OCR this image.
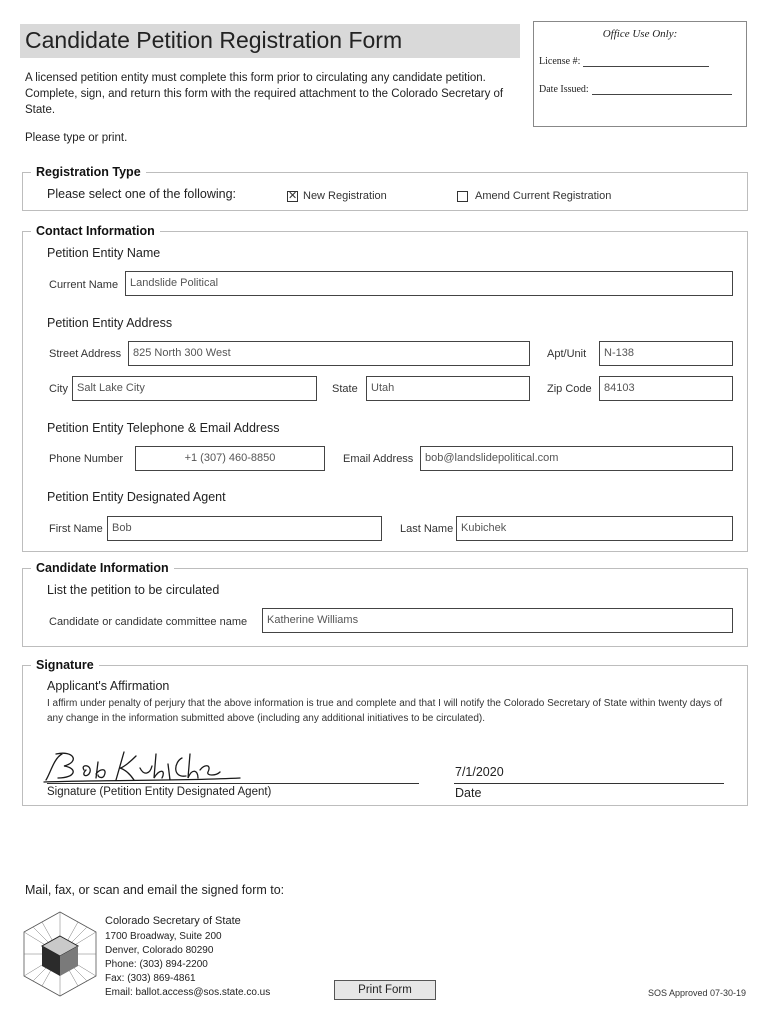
Candidate Petition Registration Form
A licensed petition entity must complete this form prior to circulating any candidate petition. Complete, sign, and return this form with the required attachment to the Colorado Secretary of State.
Please type or print.
Office Use Only:
License #:
Date Issued:
Registration Type
Please select one of the following:	✕ New Registration	Amend Current Registration
Contact Information
Petition Entity Name
Current Name	Landslide Political
Petition Entity Address
Street Address	825 North 300 West	Apt/Unit	N-138
City Salt Lake City	State	Utah	Zip Code	84103
Petition Entity Telephone & Email Address
Phone Number	+1 (307) 460-8850	Email Address	bob@landslidepolitical.com
Petition Entity Designated Agent
First Name Bob	Last Name Kubichek
Candidate Information
List the petition to be circulated
Candidate or candidate committee name	Katherine Williams
Signature
Applicant's Affirmation
I affirm under penalty of perjury that the above information is true and complete and that I will notify the Colorado Secretary of State within twenty days of any change in the information submitted above (including any additional initiatives to be circulated).
Signature (Petition Entity Designated Agent)
7/1/2020
Date
Mail, fax, or scan and email the signed form to:
Colorado Secretary of State
1700 Broadway, Suite 200
Denver, Colorado 80290
Phone: (303) 894-2200
Fax: (303) 869-4861
Email: ballot.access@sos.state.co.us	Print Form	SOS Approved 07-30-19
